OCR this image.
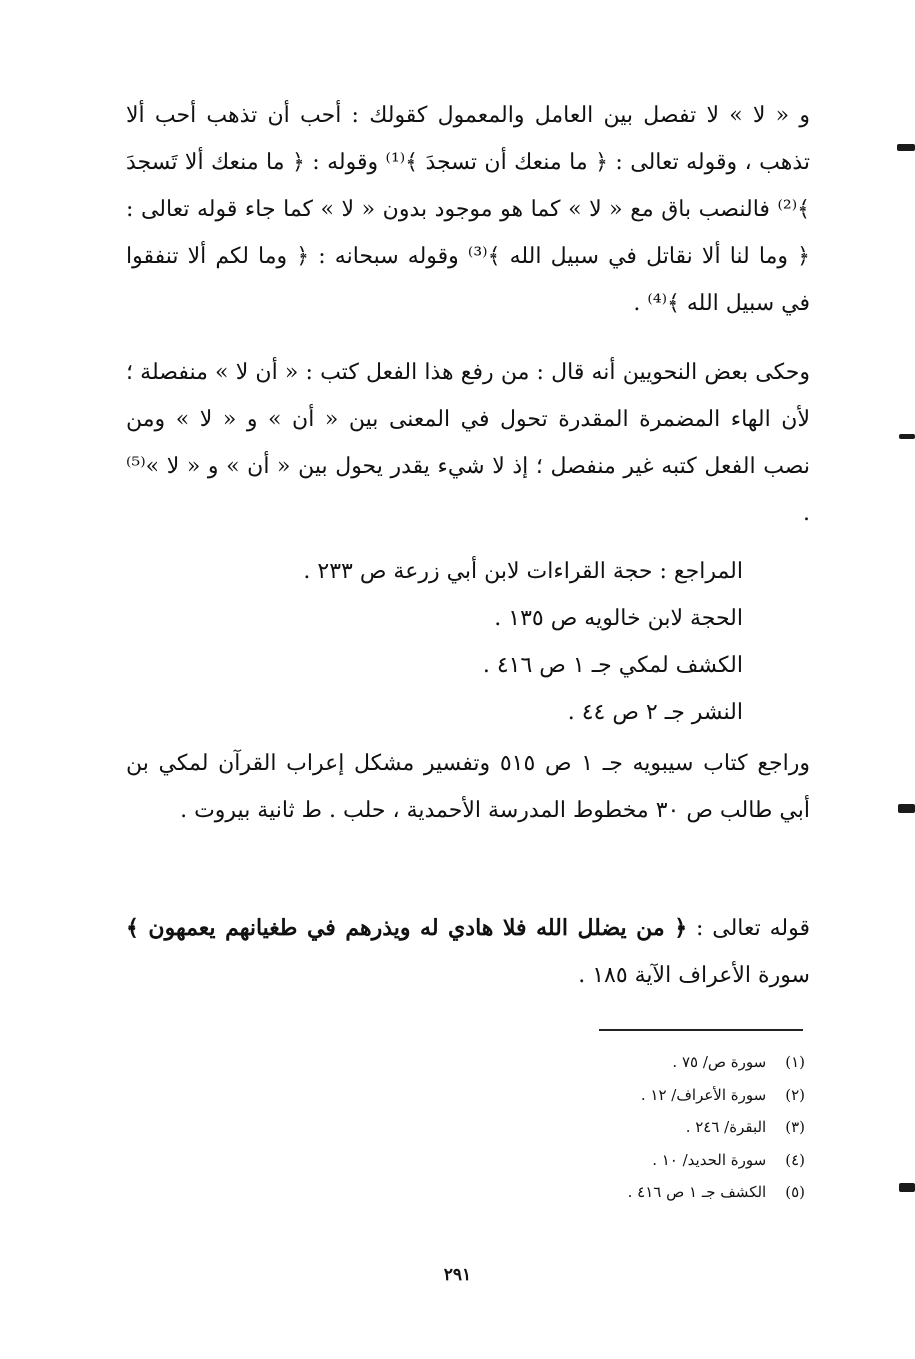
و « لا » لا تفصل بين العامل والمعمول كقولك : أحب أن تذهب أحب ألا تذهب ، وقوله تعالى : ﴿ ما منعك أن تسجدَ ﴾⁽¹⁾ وقوله : ﴿ ما منعك ألا تَسجدَ ﴾⁽²⁾ فالنصب باق مع « لا » كما هو موجود بدون « لا » كما جاء قوله تعالى : ﴿ وما لنا ألا نقاتل في سبيل الله ﴾⁽³⁾ وقوله سبحانه : ﴿ وما لكم ألا تنفقوا في سبيل الله ﴾⁽⁴⁾ .

وحكى بعض النحويين أنه قال : من رفع هذا الفعل كتب : « أن لا » منفصلة ؛ لأن الهاء المضمرة المقدرة تحول في المعنى بين « أن » و « لا » ومن نصب الفعل كتبه غير منفصل ؛ إذ لا شيء يقدر يحول بين « أن » و « لا »⁽⁵⁾ .

المراجع : حجة القراءات لابن أبي زرعة ص ٢٣٣ .
الحجة لابن خالويه ص ١٣٥ .
الكشف لمكي جـ ١ ص ٤١٦ .
النشر جـ ٢ ص ٤٤ .

وراجع كتاب سيبويه جـ ١ ص ٥١٥ وتفسير مشكل إعراب القرآن لمكي بن أبي طالب ص ٣٠ مخطوط المدرسة الأحمدية ، حلب . ط ثانية بيروت .

قوله تعالى : ﴿ من يضلل الله فلا هادي له ويذرهم في طغيانهم يعمهون ﴾ سورة الأعراف الآية ١٨٥ .

(١) سورة ص/ ٧٥ .
(٢) سورة الأعراف/ ١٢ .
(٣) البقرة/ ٢٤٦ .
(٤) سورة الحديد/ ١٠ .
(٥) الكشف جـ ١ ص ٤١٦ .
٢٩١
